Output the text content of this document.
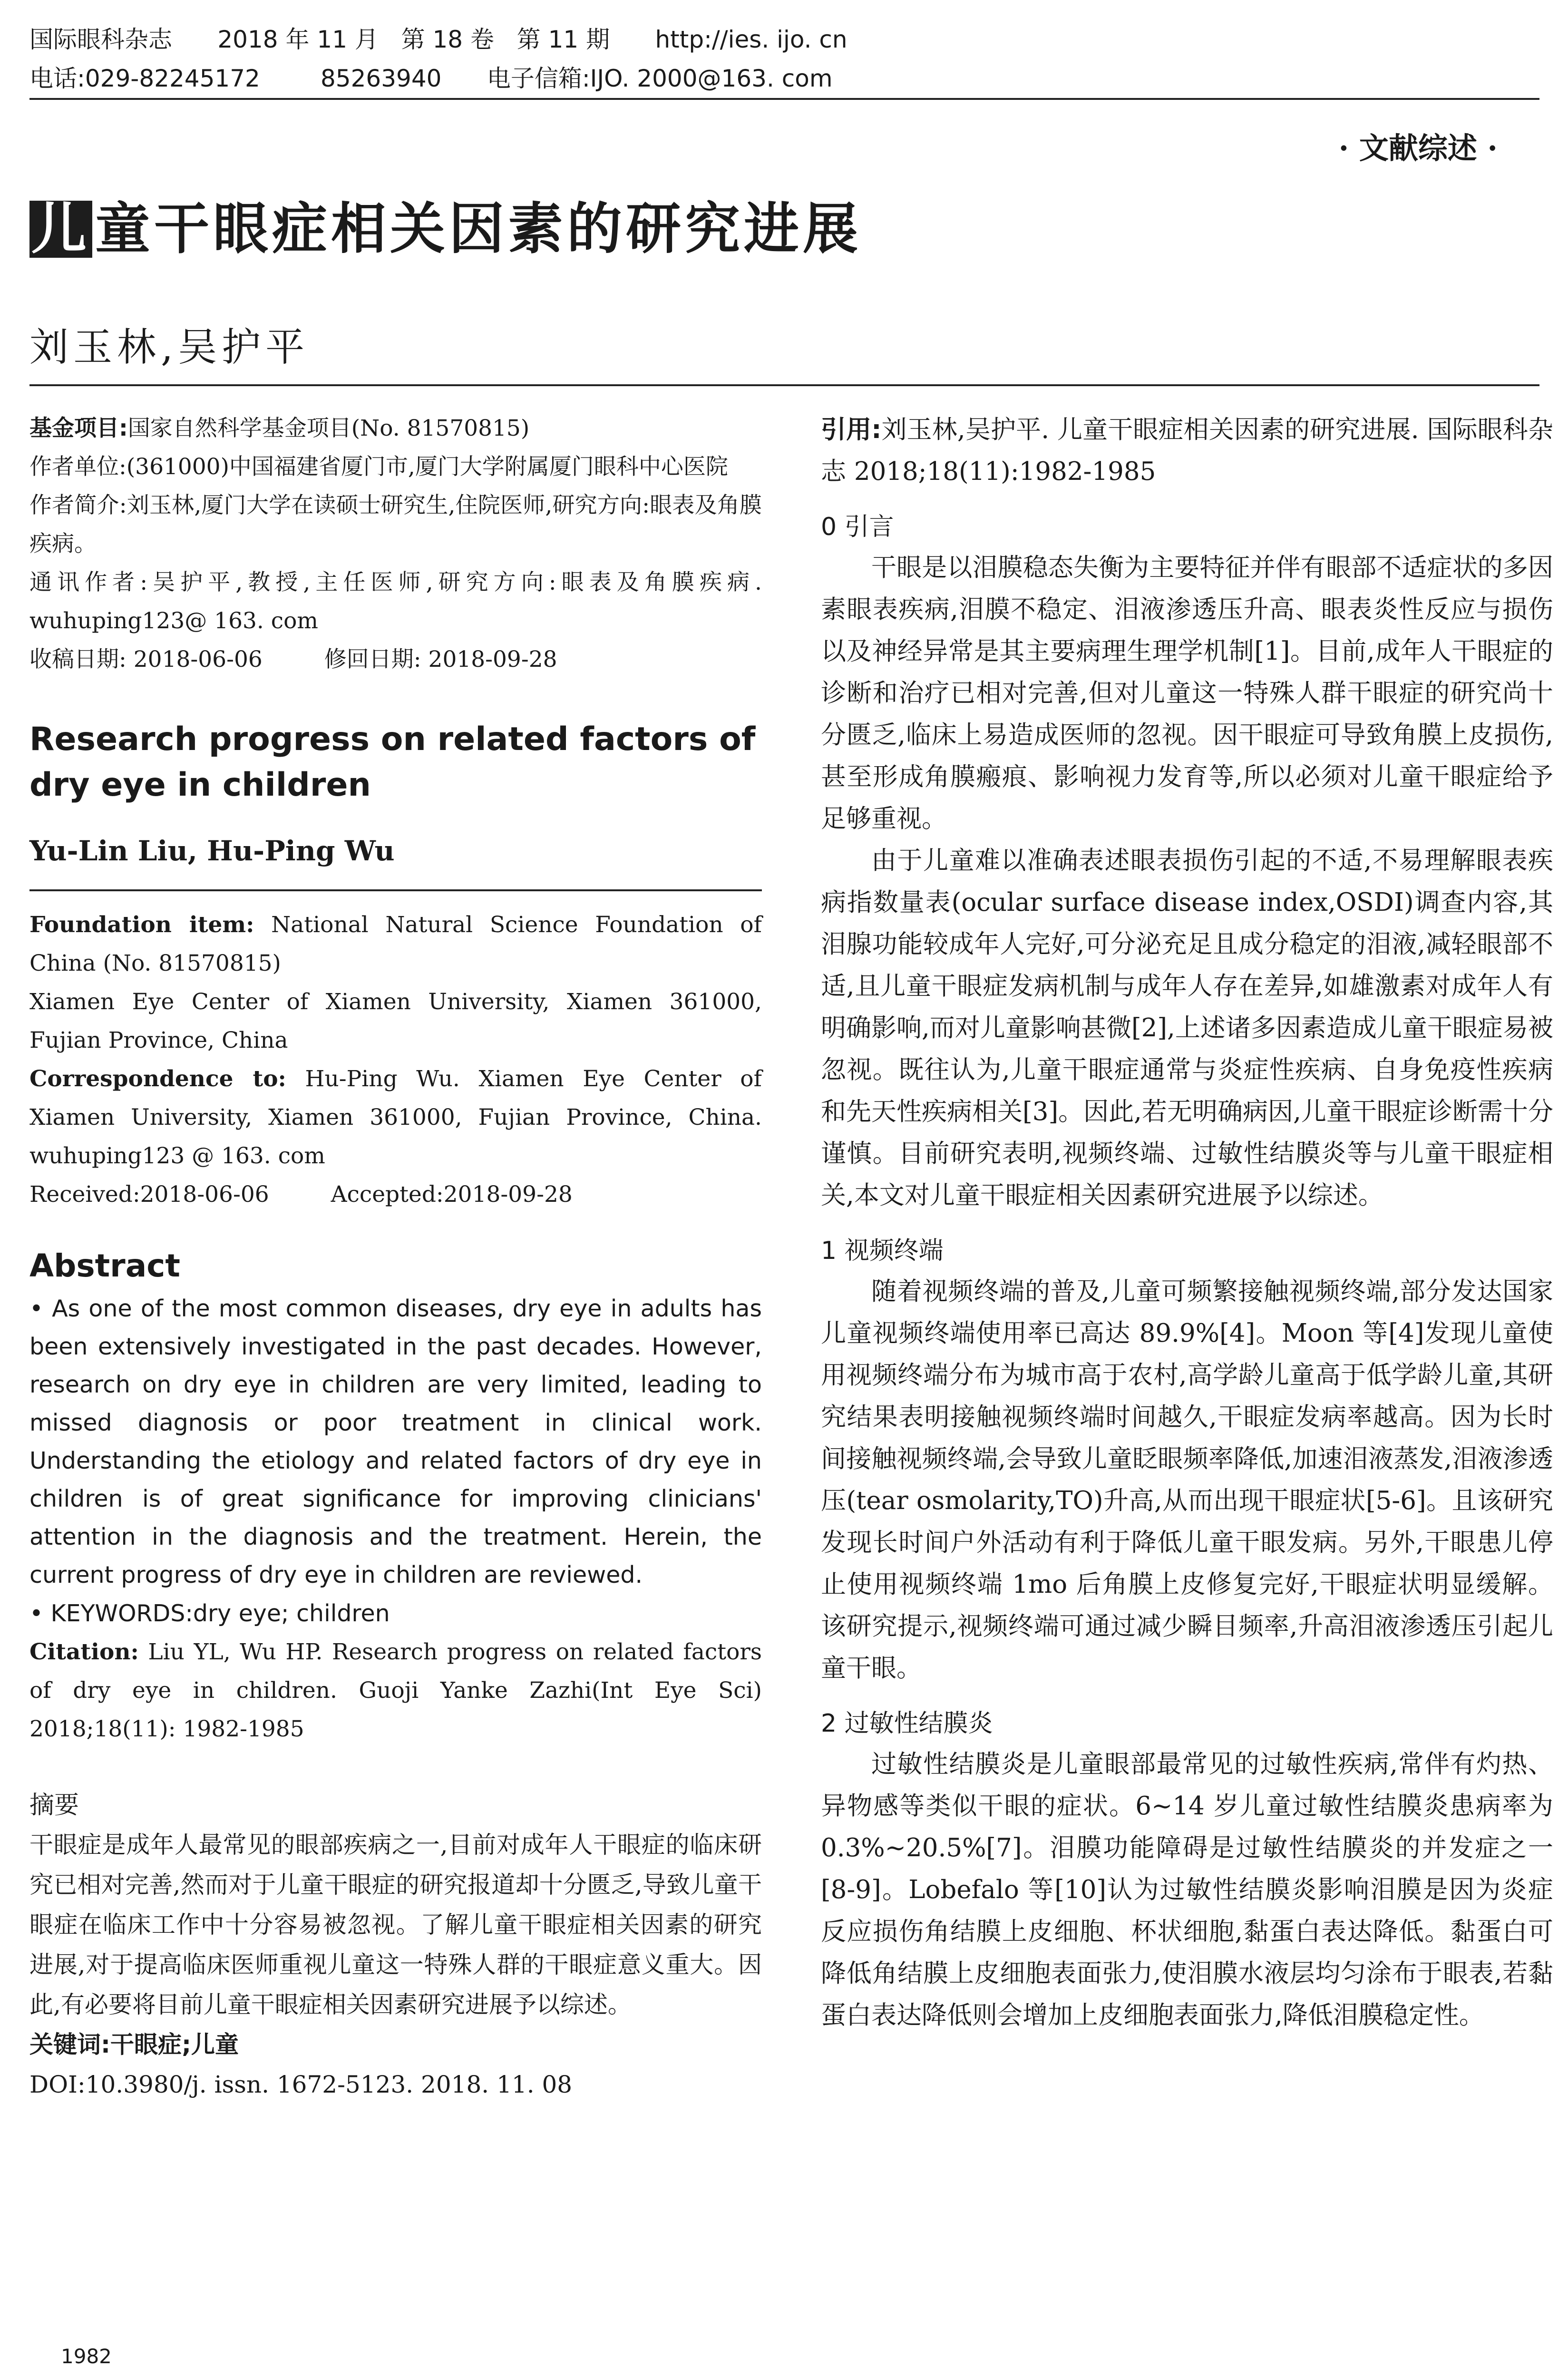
国际眼科杂志      2018 年 11 月   第 18 卷   第 11 期      http://ies. ijo. cn
电话:029-82245172        85263940      电子信箱:IJO. 2000@163. com
· 文献综述 ·
儿童干眼症相关因素的研究进展
刘玉林,吴护平

基金项目:国家自然科学基金项目(No. 81570815)

作者单位:(361000)中国福建省厦门市,厦门大学附属厦门眼科中心医院

作者简介:刘玉林,厦门大学在读硕士研究生,住院医师,研究方向:眼表及角膜疾病。

通讯作者:吴护平,教授,主任医师,研究方向:眼表及角膜疾病. wuhuping123@ 163. com

收稿日期: 2018-06-06	修回日期: 2018-09-28

Research progress on related factors of dry eye in children
Yu-Lin Liu, Hu-Ping Wu

Foundation item: National Natural Science Foundation of China (No. 81570815)

Xiamen Eye Center of Xiamen University, Xiamen 361000, Fujian Province, China

Correspondence to: Hu-Ping Wu. Xiamen Eye Center of Xiamen University, Xiamen 361000, Fujian Province, China. wuhuping123 @ 163. com

Received:2018-06-06	Accepted:2018-09-28

Abstract

• As one of the most common diseases, dry eye in adults has been extensively investigated in the past decades. However, research on dry eye in children are very limited, leading to missed diagnosis or poor treatment in clinical work. Understanding the etiology and related factors of dry eye in children is of great significance for improving clinicians' attention in the diagnosis and the treatment. Herein, the current progress of dry eye in children are reviewed.

• KEYWORDS:dry eye; children

Citation: Liu YL, Wu HP. Research progress on related factors of dry eye in children. Guoji Yanke Zazhi(Int Eye Sci) 2018;18(11): 1982-1985

摘要

干眼症是成年人最常见的眼部疾病之一,目前对成年人干眼症的临床研究已相对完善,然而对于儿童干眼症的研究报道却十分匮乏,导致儿童干眼症在临床工作中十分容易被忽视。了解儿童干眼症相关因素的研究进展,对于提高临床医师重视儿童这一特殊人群的干眼症意义重大。因此,有必要将目前儿童干眼症相关因素研究进展予以综述。

关键词:干眼症;儿童

DOI:10.3980/j. issn. 1672-5123. 2018. 11. 08

引用:刘玉林,吴护平. 儿童干眼症相关因素的研究进展. 国际眼科杂志 2018;18(11):1982-1985

0 引言

干眼是以泪膜稳态失衡为主要特征并伴有眼部不适症状的多因素眼表疾病,泪膜不稳定、泪液渗透压升高、眼表炎性反应与损伤以及神经异常是其主要病理生理学机制[1]。目前,成年人干眼症的诊断和治疗已相对完善,但对儿童这一特殊人群干眼症的研究尚十分匮乏,临床上易造成医师的忽视。因干眼症可导致角膜上皮损伤,甚至形成角膜瘢痕、影响视力发育等,所以必须对儿童干眼症给予足够重视。

由于儿童难以准确表述眼表损伤引起的不适,不易理解眼表疾病指数量表(ocular surface disease index,OSDI)调查内容,其泪腺功能较成年人完好,可分泌充足且成分稳定的泪液,减轻眼部不适,且儿童干眼症发病机制与成年人存在差异,如雄激素对成年人有明确影响,而对儿童影响甚微[2],上述诸多因素造成儿童干眼症易被忽视。既往认为,儿童干眼症通常与炎症性疾病、自身免疫性疾病和先天性疾病相关[3]。因此,若无明确病因,儿童干眼症诊断需十分谨慎。目前研究表明,视频终端、过敏性结膜炎等与儿童干眼症相关,本文对儿童干眼症相关因素研究进展予以综述。

1 视频终端

随着视频终端的普及,儿童可频繁接触视频终端,部分发达国家儿童视频终端使用率已高达 89.9%[4]。Moon 等[4]发现儿童使用视频终端分布为城市高于农村,高学龄儿童高于低学龄儿童,其研究结果表明接触视频终端时间越久,干眼症发病率越高。因为长时间接触视频终端,会导致儿童眨眼频率降低,加速泪液蒸发,泪液渗透压(tear osmolarity,TO)升高,从而出现干眼症状[5-6]。且该研究发现长时间户外活动有利于降低儿童干眼发病。另外,干眼患儿停止使用视频终端 1mo 后角膜上皮修复完好,干眼症状明显缓解。该研究提示,视频终端可通过减少瞬目频率,升高泪液渗透压引起儿童干眼。

2 过敏性结膜炎

过敏性结膜炎是儿童眼部最常见的过敏性疾病,常伴有灼热、异物感等类似干眼的症状。6~14 岁儿童过敏性结膜炎患病率为 0.3%~20.5%[7]。泪膜功能障碍是过敏性结膜炎的并发症之一[8-9]。Lobefalo 等[10]认为过敏性结膜炎影响泪膜是因为炎症反应损伤角结膜上皮细胞、杯状细胞,黏蛋白表达降低。黏蛋白可降低角结膜上皮细胞表面张力,使泪膜水液层均匀涂布于眼表,若黏蛋白表达降低则会增加上皮细胞表面张力,降低泪膜稳定性。

1982
